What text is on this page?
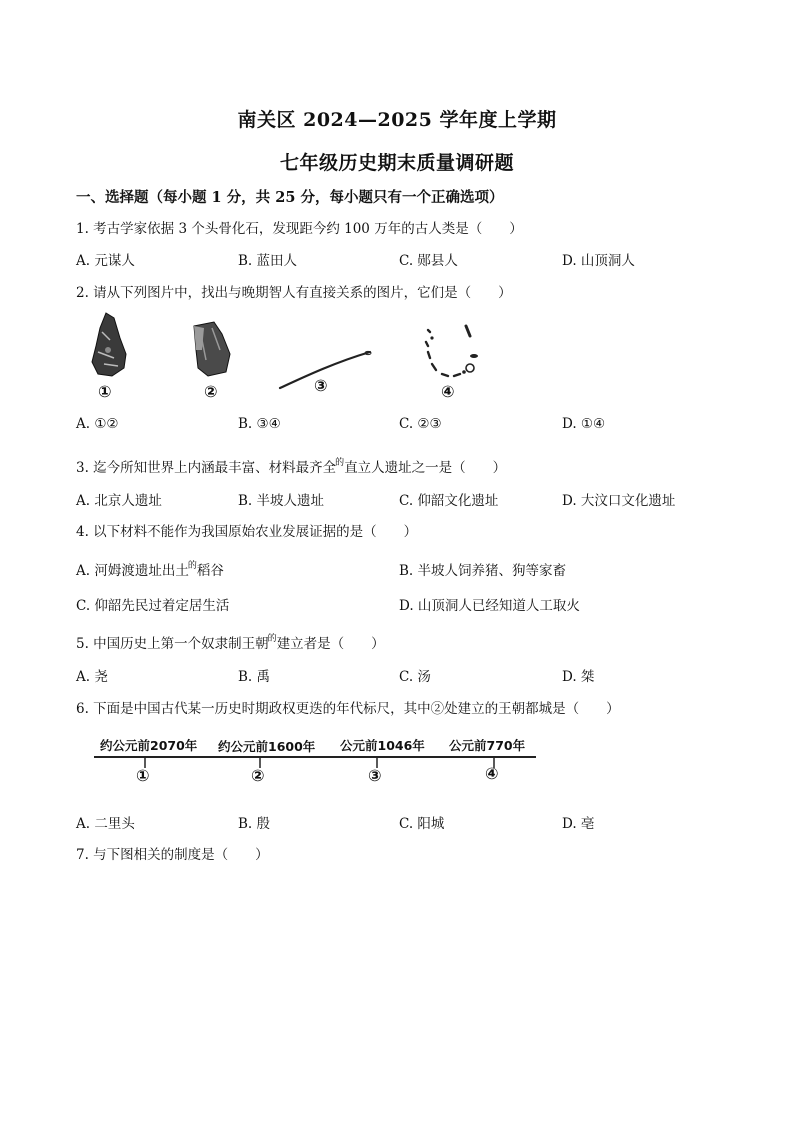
南关区 2024—2025 学年度上学期
七年级历史期末质量调研题
一、选择题（每小题 1 分，共 25 分，每小题只有一个正确选项）
1. 考古学家依据 3 个头骨化石，发现距今约 100 万年的古人类是（　　）
A. 元谋人	B. 蓝田人	C. 郧县人	D. 山顶洞人
2. 请从下列图片中，找出与晚期智人有直接关系的图片，它们是（　　）
①	②	③	④
A. ①②	B. ③④	C. ②③	D. ①④
3. 迄今所知世界上内涵最丰富、材料最齐全$^的$直立人遗址之一是（　　）
A. 北京人遗址	B. 半坡人遗址	C. 仰韶文化遗址	D. 大汶口文化遗址
4. 以下材料不能作为我国原始农业发展证据的是（　　）
A. 河姆渡遗址出土$^的$稻谷	B. 半坡人饲养猪、狗等家畜
C. 仰韶先民过着定居生活	D. 山顶洞人已经知道人工取火
5. 中国历史上第一个奴隶制王朝$^的$建立者是（　　）
A. 尧	B. 禹	C. 汤	D. 桀
6. 下面是中国古代某一历史时期政权更迭的年代标尺，其中②处建立的王朝都城是（　　）
约公元前2070年 约公元前1600年 公元前1046年 公元前770年
①	②	③	④
A. 二里头	B. 殷	C. 阳城	D. 亳
7. 与下图相关的制度是（　　）
